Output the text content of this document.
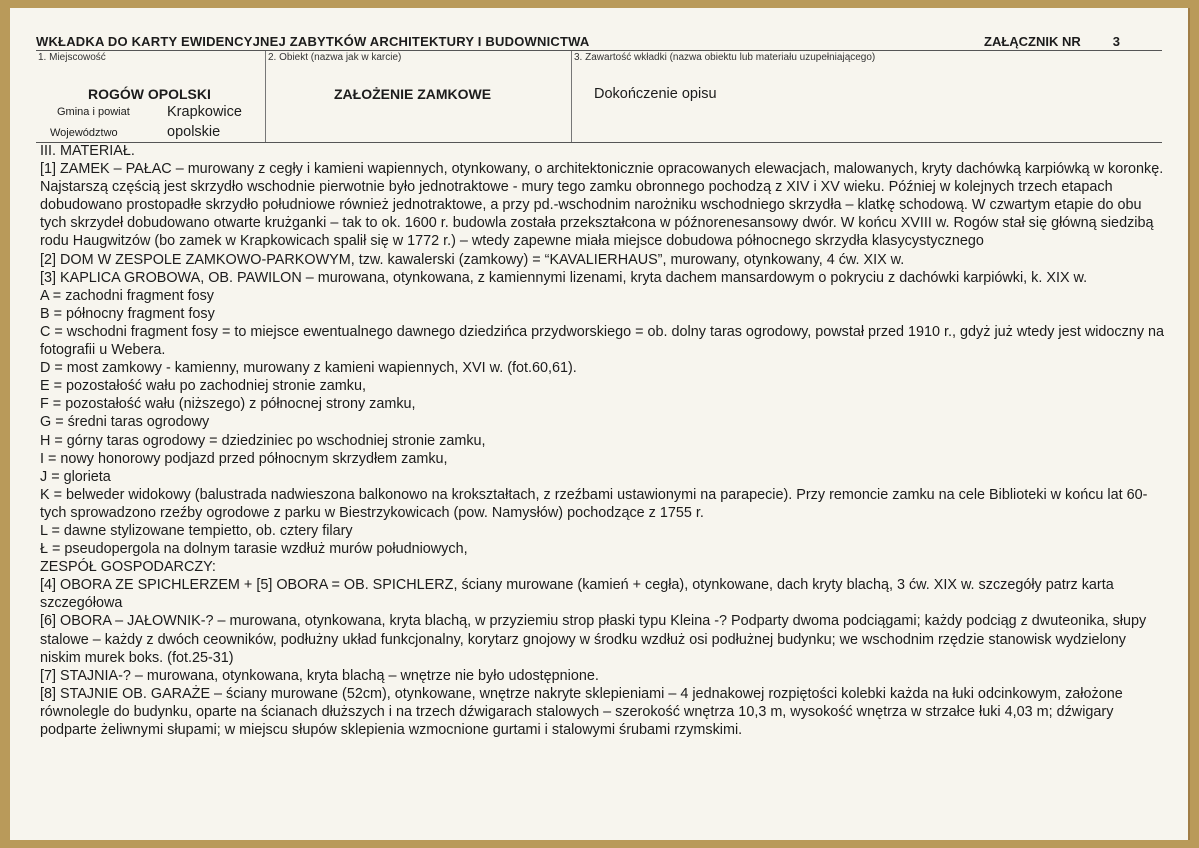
WKŁADKA DO KARTY EWIDENCYJNEJ ZABYTKÓW ARCHITEKTURY I BUDOWNICTWA	ZAŁĄCZNIK NR 3
1. Miejscowość	2. Obiekt (nazwa jak w karcie)	3. Zawartość wkładki (nazwa obiektu lub materiału uzupełniającego)
ROGÓW OPOLSKI
Gmina i powiat	Krapkowice
Województwo	opolskie
ZAŁOŻENIE ZAMKOWE	Dokończenie opisu

III. MATERIAŁ.

[1] ZAMEK – PAŁAC – murowany z cegły i kamieni wapiennych, otynkowany, o architektonicznie opracowanych elewacjach, malowanych, kryty dachówką karpiówką w koronkę. Najstarszą częścią jest skrzydło wschodnie pierwotnie było jednotraktowe - mury tego zamku obronnego pochodzą z XIV i XV wieku. Później w kolejnych trzech etapach dobudowano prostopadłe skrzydło południowe również jednotraktowe, a przy pd.-wschodnim narożniku wschodniego skrzydła – klatkę schodową. W czwartym etapie do obu tych skrzydeł dobudowano otwarte krużganki – tak to ok. 1600 r. budowla została przekształcona w późnorenesansowy dwór. W końcu XVIII w. Rogów stał się główną siedzibą rodu Haugwitzów (bo zamek w Krapkowicach spalił się w 1772 r.) – wtedy zapewne miała miejsce dobudowa północnego skrzydła klasycystycznego

[2] DOM W ZESPOLE ZAMKOWO-PARKOWYM, tzw. kawalerski (zamkowy) = “KAVALIERHAUS”, murowany, otynkowany, 4 ćw. XIX w.

[3] KAPLICA GROBOWA, OB. PAWILON – murowana, otynkowana, z kamiennymi lizenami, kryta dachem mansardowym o pokryciu z dachówki karpiówki, k. XIX w.

A = zachodni fragment fosy

B = północny fragment fosy

C = wschodni fragment fosy = to miejsce ewentualnego dawnego dziedzińca przydworskiego = ob. dolny taras ogrodowy, powstał przed 1910 r., gdyż już wtedy jest widoczny na fotografii u Webera.

D = most zamkowy - kamienny, murowany z kamieni wapiennych, XVI w. (fot.60,61).

E = pozostałość wału po zachodniej stronie zamku,

F = pozostałość wału (niższego) z północnej strony zamku,

G = średni taras ogrodowy

H = górny taras ogrodowy = dziedziniec po wschodniej stronie zamku,

I = nowy honorowy podjazd przed północnym skrzydłem zamku,

J = glorieta

K = belweder widokowy (balustrada nadwieszona balkonowo na krokształtach, z rzeźbami ustawionymi na parapecie). Przy remoncie zamku na cele Biblioteki w końcu lat 60-tych sprowadzono rzeźby ogrodowe z parku w Biestrzykowicach (pow. Namysłów) pochodzące z 1755 r.

L = dawne stylizowane tempietto, ob. cztery filary

Ł = pseudopergola na dolnym tarasie wzdłuż murów południowych,

ZESPÓŁ GOSPODARCZY:

[4] OBORA ZE SPICHLERZEM + [5] OBORA = OB. SPICHLERZ, ściany murowane (kamień + cegła), otynkowane, dach kryty blachą, 3 ćw. XIX w. szczegóły patrz karta szczegółowa

[6] OBORA – JAŁOWNIK-? – murowana, otynkowana, kryta blachą, w przyziemiu strop płaski typu Kleina -? Podparty dwoma podciągami; każdy podciąg z dwuteonika, słupy stalowe – każdy z dwóch ceowników, podłużny układ funkcjonalny, korytarz gnojowy w środku wzdłuż osi podłużnej budynku; we wschodnim rzędzie stanowisk wydzielony niskim murek boks. (fot.25-31)

[7] STAJNIA-? – murowana, otynkowana, kryta blachą – wnętrze nie było udostępnione.

[8] STAJNIE OB. GARAŻE – ściany murowane (52cm), otynkowane, wnętrze nakryte sklepieniami – 4 jednakowej rozpiętości kolebki każda na łuki odcinkowym, założone równolegle do budynku, oparte na ścianach dłuższych i na trzech dźwigarach stalowych – szerokość wnętrza 10,3 m, wysokość wnętrza w strzałce łuki 4,03 m; dźwigary podparte żeliwnymi słupami; w miejscu słupów sklepienia wzmocnione gurtami i stalowymi śrubami rzymskimi.
